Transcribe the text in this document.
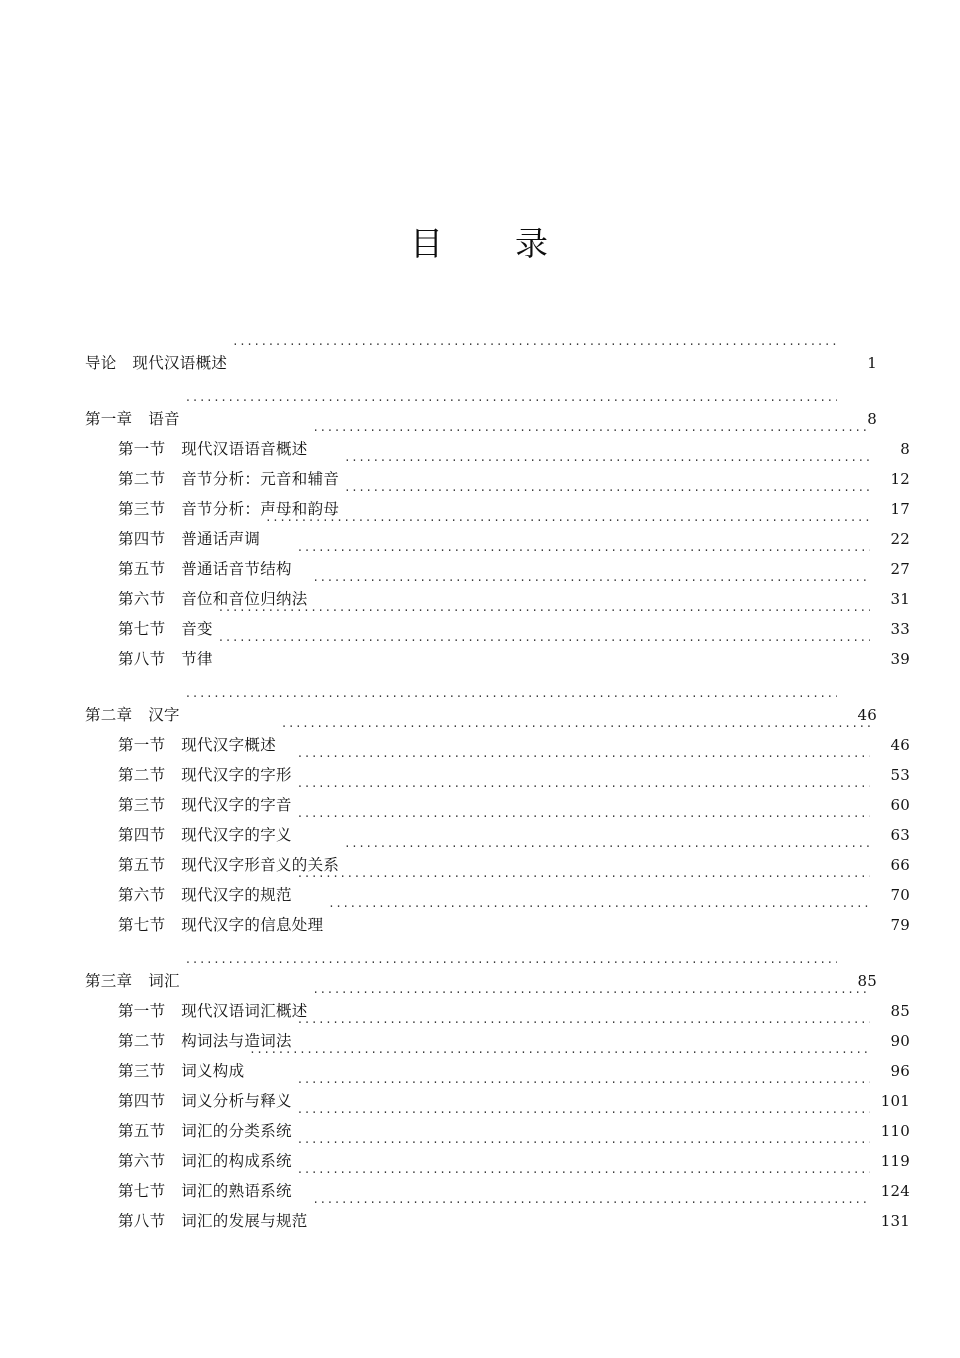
目　　录
导论　现代汉语概述 ·····	1
第一章　语音 ·····	8
第一节　现代汉语语音概述 ·····	8
第二节　音节分析：元音和辅音 ·····	12
第三节　音节分析：声母和韵母 ·····	17
第四节　普通话声调 ·····	22
第五节　普通话音节结构 ·····	27
第六节　音位和音位归纳法 ·····	31
第七节　音变 ·····	33
第八节　节律 ·····	39
第二章　汉字 ·····	46
第一节　现代汉字概述 ·····	46
第二节　现代汉字的字形 ·····	53
第三节　现代汉字的字音 ·····	60
第四节　现代汉字的字义 ·····	63
第五节　现代汉字形音义的关系 ·····	66
第六节　现代汉字的规范 ·····	70
第七节　现代汉字的信息处理 ·····	79
第三章　词汇 ·····	85
第一节　现代汉语词汇概述 ·····	85
第二节　构词法与造词法 ·····	90
第三节　词义构成 ·····	96
第四节　词义分析与释义 ·····	101
第五节　词汇的分类系统 ·····	110
第六节　词汇的构成系统 ·····	119
第七节　词汇的熟语系统 ·····	124
第八节　词汇的发展与规范 ·····	131
